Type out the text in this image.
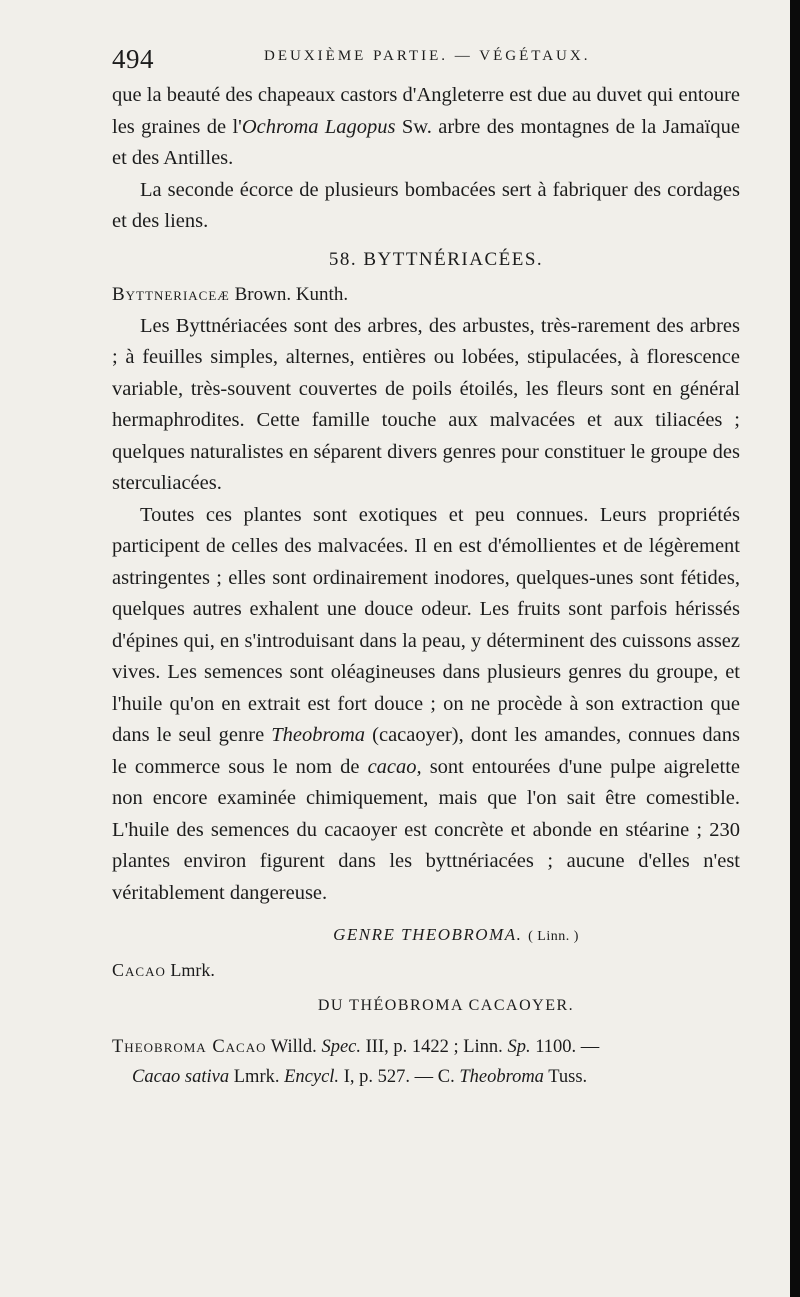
494	DEUXIÈME PARTIE. — VÉGÉTAUX.

que la beauté des chapeaux castors d'Angleterre est due au duvet qui entoure les graines de l'Ochroma Lagopus Sw. arbre des montagnes de la Jamaïque et des Antilles.

La seconde écorce de plusieurs bombacées sert à fabriquer des cordages et des liens.

58. BYTTNÉRIACÉES.

Byttneriaceæ Brown. Kunth.

Les Byttnériacées sont des arbres, des arbustes, très-rarement des arbres ; à feuilles simples, alternes, entières ou lobées, stipulacées, à florescence variable, très-souvent couvertes de poils étoilés, les fleurs sont en général hermaphrodites. Cette famille touche aux malvacées et aux tiliacées ; quelques naturalistes en séparent divers genres pour constituer le groupe des sterculiacées.

Toutes ces plantes sont exotiques et peu connues. Leurs propriétés participent de celles des malvacées. Il en est d'émollientes et de légèrement astringentes ; elles sont ordinairement inodores, quelques-unes sont fétides, quelques autres exhalent une douce odeur. Les fruits sont parfois hérissés d'épines qui, en s'introduisant dans la peau, y déterminent des cuissons assez vives. Les semences sont oléagineuses dans plusieurs genres du groupe, et l'huile qu'on en extrait est fort douce ; on ne procède à son extraction que dans le seul genre Theobroma (cacaoyer), dont les amandes, connues dans le commerce sous le nom de cacao, sont entourées d'une pulpe aigrelette non encore examinée chimiquement, mais que l'on sait être comestible. L'huile des semences du cacaoyer est concrète et abonde en stéarine ; 230 plantes environ figurent dans les byttnériacées ; aucune d'elles n'est véritablement dangereuse.

GENRE THEOBROMA. ( Linn. )

Cacao Lmrk.

DU THÉOBROMA CACAOYER.

Theobroma Cacao Willd. Spec. III, p. 1422 ; Linn. Sp. 1100. —
Cacao sativa Lmrk. Encycl. I, p. 527. — C. Theobroma Tuss.
